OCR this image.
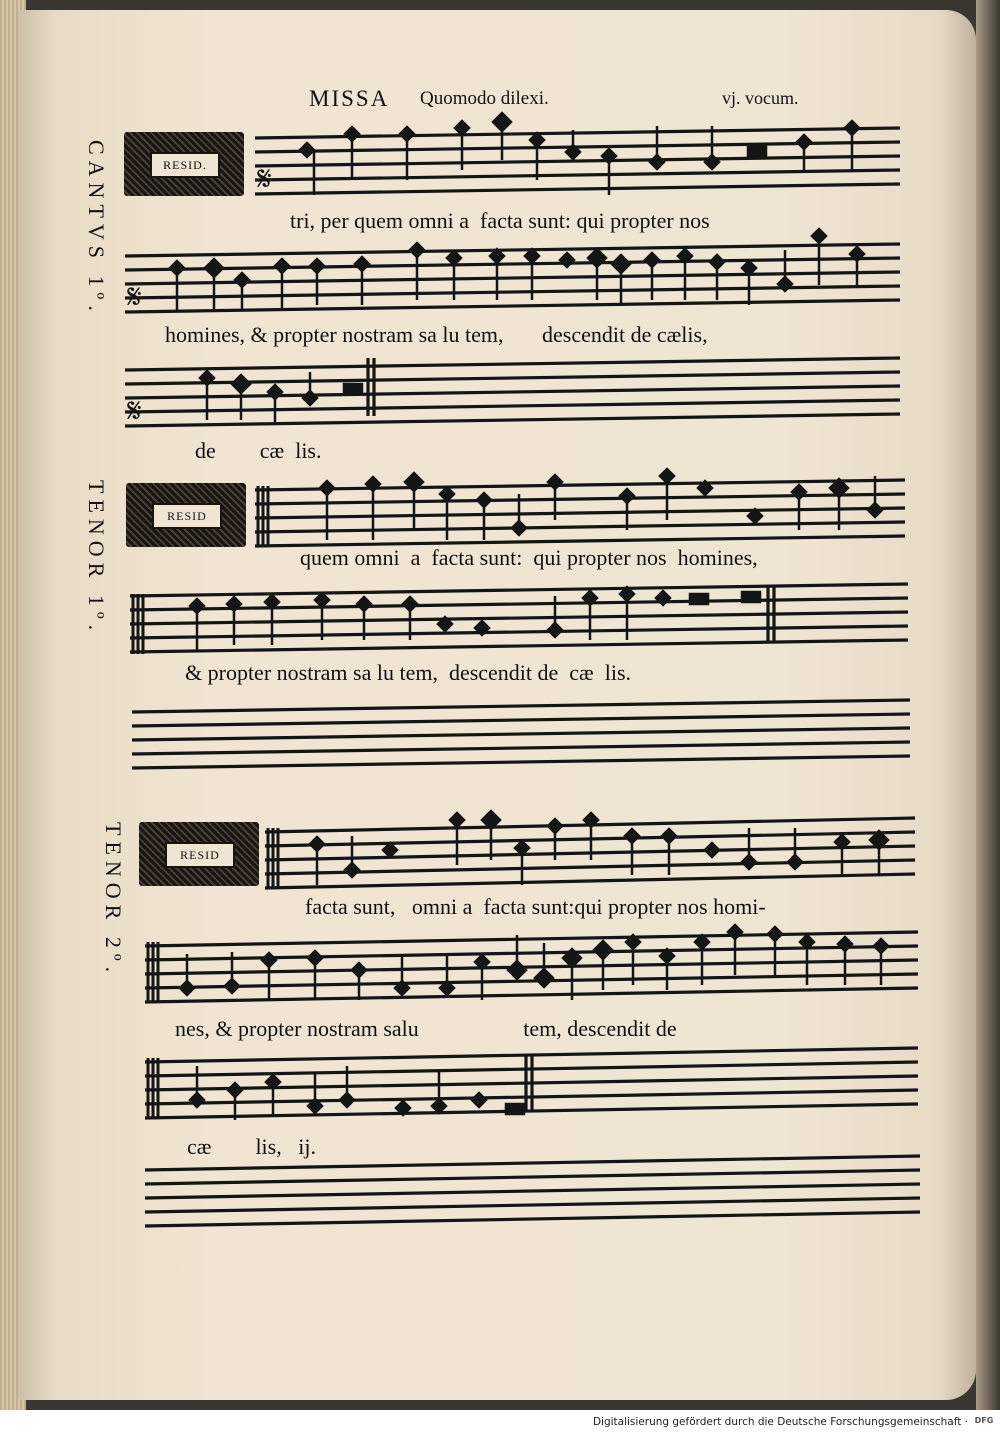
MISSA Quomodo dilexi.	vj. vocum.
CANTVS 1º.
TENOR 1º.
TENOR 2º.
RESID.
RESID
RESID
𝄋
𝄋
𝄋
tri, per quem omni a  facta sunt: qui propter nos
homines, & propter nostram sa lu tem,       descendit de cælis,
de        cæ  lis.
quem omni  a  facta sunt:  qui propter nos  homines,
& propter nostram sa lu tem,  descendit de  cæ  lis.
facta sunt,   omni a  facta sunt:qui propter nos homi-
nes, & propter nostram salu                   tem, descendit de
cæ        lis,   ij.
Digitalisierung gefördert durch die Deutsche Forschungsgemeinschaft · DFG
